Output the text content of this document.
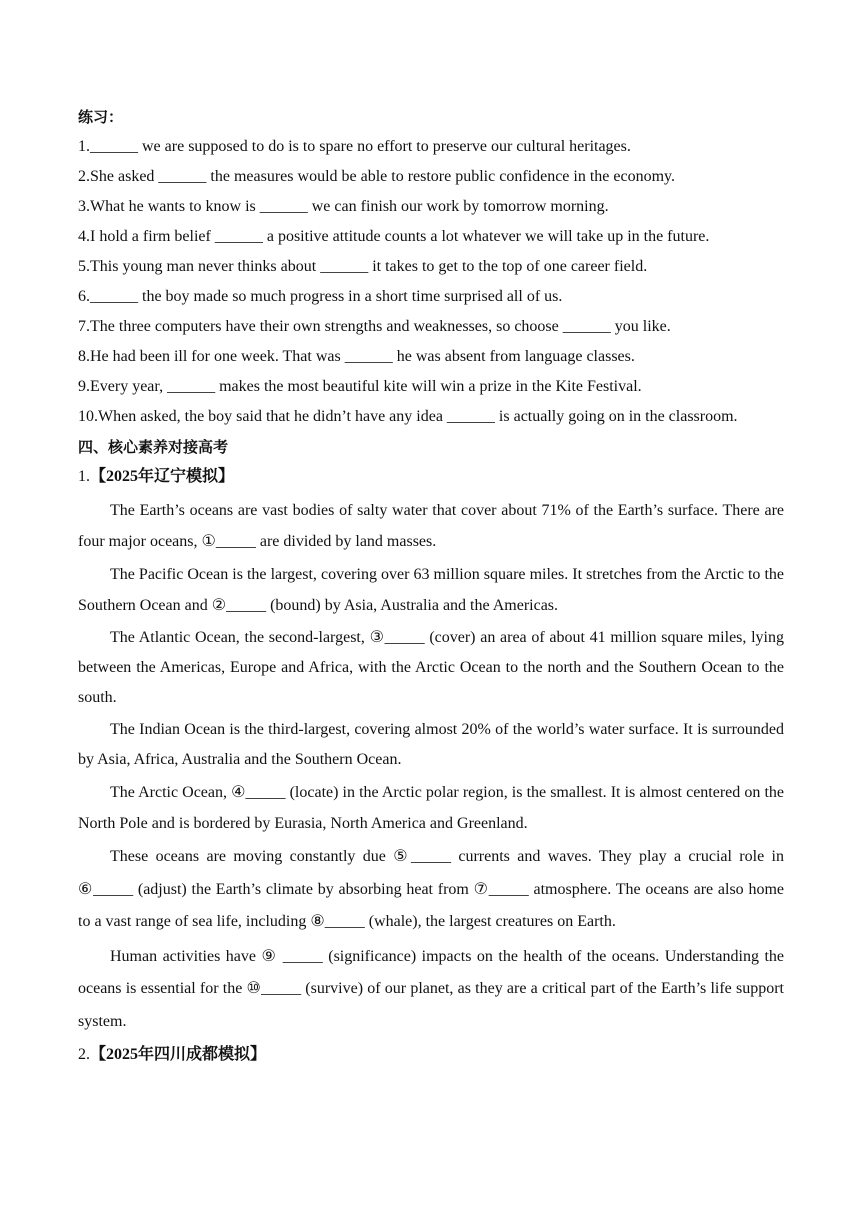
练习：

1.______ we are supposed to do is to spare no effort to preserve our cultural heritages.

2.She asked ______ the measures would be able to restore public confidence in the economy.

3.What he wants to know is ______ we can finish our work by tomorrow morning.

4.I hold a firm belief ______ a positive attitude counts a lot whatever we will take up in the future.

5.This young man never thinks about ______ it takes to get to the top of one career field.

6.______ the boy made so much progress in a short time surprised all of us.

7.The three computers have their own strengths and weaknesses, so choose ______ you like.

8.He had been ill for one week. That was ______ he was absent from language classes.

9.Every year, ______ makes the most beautiful kite will win a prize in the Kite Festival.

10.When asked, the boy said that he didn’t have any idea ______ is actually going on in the classroom.

四、核心素养对接高考
1.【2025年辽宁模拟】

The Earth’s oceans are vast bodies of salty water that cover about 71% of the Earth’s surface. There are four major oceans, ①_____ are divided by land masses.

The Pacific Ocean is the largest, covering over 63 million square miles. It stretches from the Arctic to the Southern Ocean and ②_____ (bound) by Asia, Australia and the Americas.

The Atlantic Ocean, the second-largest, ③_____ (cover) an area of about 41 million square miles, lying between the Americas, Europe and Africa, with the Arctic Ocean to the north and the Southern Ocean to the south.

The Indian Ocean is the third-largest, covering almost 20% of the world’s water surface. It is surrounded by Asia, Africa, Australia and the Southern Ocean.

The Arctic Ocean, ④_____ (locate) in the Arctic polar region, is the smallest. It is almost centered on the North Pole and is bordered by Eurasia, North America and Greenland.

These oceans are moving constantly due ⑤_____ currents and waves. They play a crucial role in ⑥_____ (adjust) the Earth’s climate by absorbing heat from ⑦_____ atmosphere. The oceans are also home to a vast range of sea life, including ⑧_____ (whale), the largest creatures on Earth.

Human activities have ⑨ _____ (significance) impacts on the health of the oceans. Understanding the oceans is essential for the ⑩_____ (survive) of our planet, as they are a critical part of the Earth’s life support system.

2.【2025年四川成都模拟】
